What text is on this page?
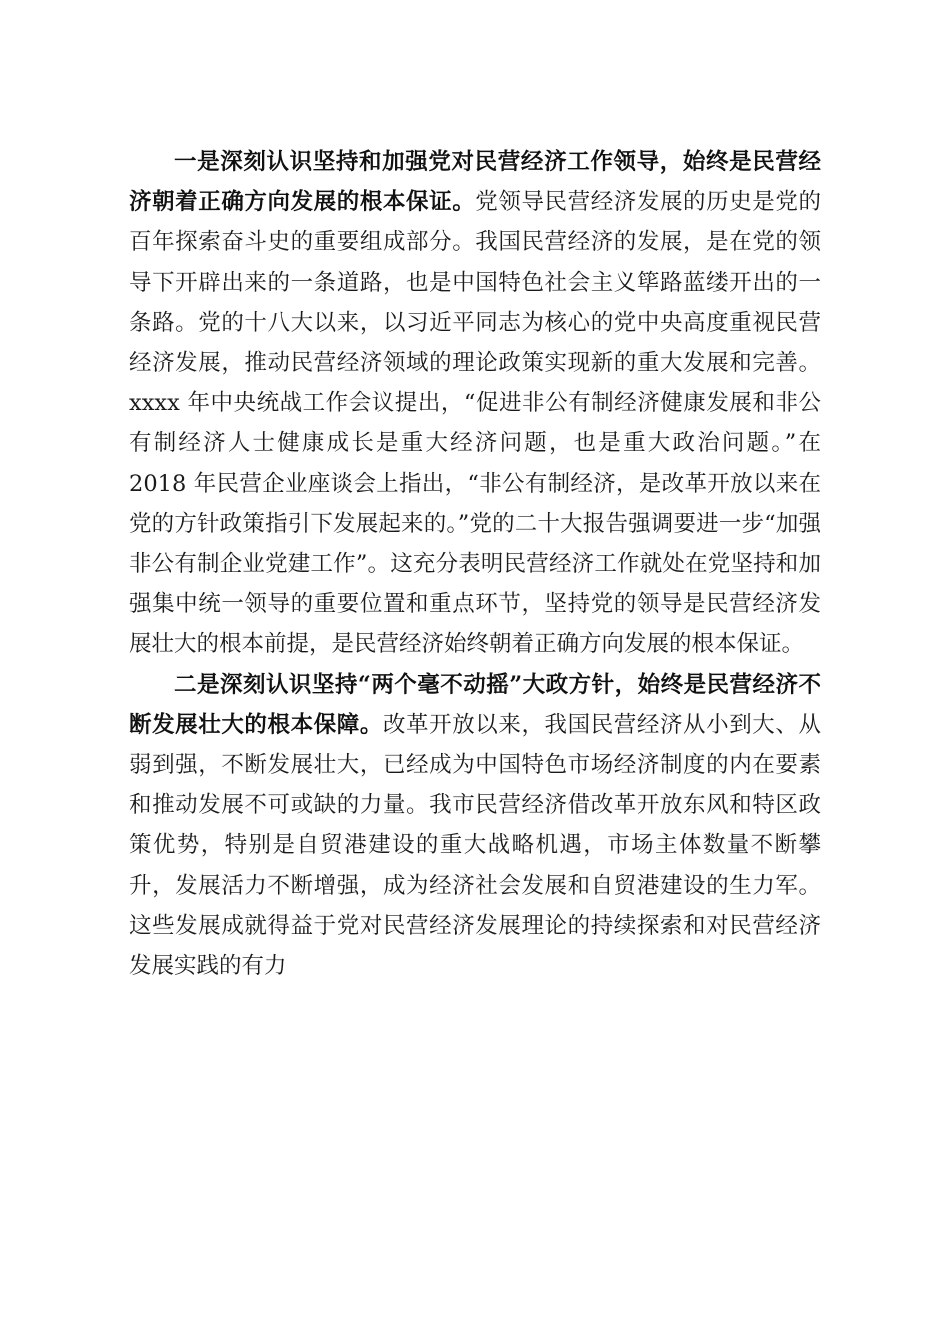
一是深刻认识坚持和加强党对民营经济工作领导，始终是民营经济朝着正确方向发展的根本保证。党领导民营经济发展的历史是党的百年探索奋斗史的重要组成部分。我国民营经济的发展，是在党的领导下开辟出来的一条道路，也是中国特色社会主义筚路蓝缕开出的一条路。党的十八大以来，以习近平同志为核心的党中央高度重视民营经济发展，推动民营经济领域的理论政策实现新的重大发展和完善。xxxx 年中央统战工作会议提出，“促进非公有制经济健康发展和非公有制经济人士健康成长是重大经济问题，也是重大政治问题。”在 2018 年民营企业座谈会上指出，“非公有制经济，是改革开放以来在党的方针政策指引下发展起来的。”党的二十大报告强调要进一步“加强非公有制企业党建工作”。这充分表明民营经济工作就处在党坚持和加强集中统一领导的重要位置和重点环节，坚持党的领导是民营经济发展壮大的根本前提，是民营经济始终朝着正确方向发展的根本保证。

二是深刻认识坚持“两个毫不动摇”大政方针，始终是民营经济不断发展壮大的根本保障。改革开放以来，我国民营经济从小到大、从弱到强，不断发展壮大，已经成为中国特色市场经济制度的内在要素和推动发展不可或缺的力量。我市民营经济借改革开放东风和特区政策优势，特别是自贸港建设的重大战略机遇，市场主体数量不断攀升，发展活力不断增强，成为经济社会发展和自贸港建设的生力军。这些发展成就得益于党对民营经济发展理论的持续探索和对民营经济发展实践的有力
